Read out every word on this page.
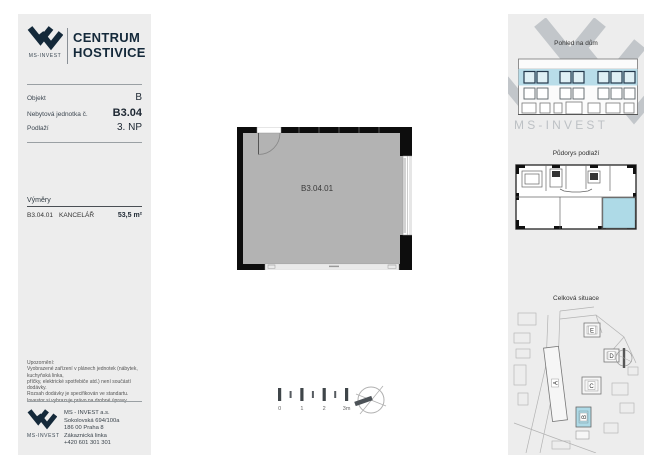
MS-INVEST
CENTRUM
HOSTIVICE
Objekt	B
Nebytová jednotka č. B3.04
Podlaží	3. NP
Výměry
B3.04.01 KANCELÁŘ	53,5 m²
Upozornění:
Vyobrazené zařízení v plánech jednotek (nábytek, kuchyňská linka,
příčky, elektrické spotřebiče atd.) není součástí dodávky.
Rozsah dodávky je specifikován ve standartu.
MS-INVEST
MS - INVEST a.s.
Sokolovská 694/100a
186 00 Praha 8
Zákaznická linka
+420 601 301 301
B3.04.01
0	1	2	3m
MS-INVEST
Pohled na dům
Půdorys podlaží
Celková situace
A
B
C
D
E
